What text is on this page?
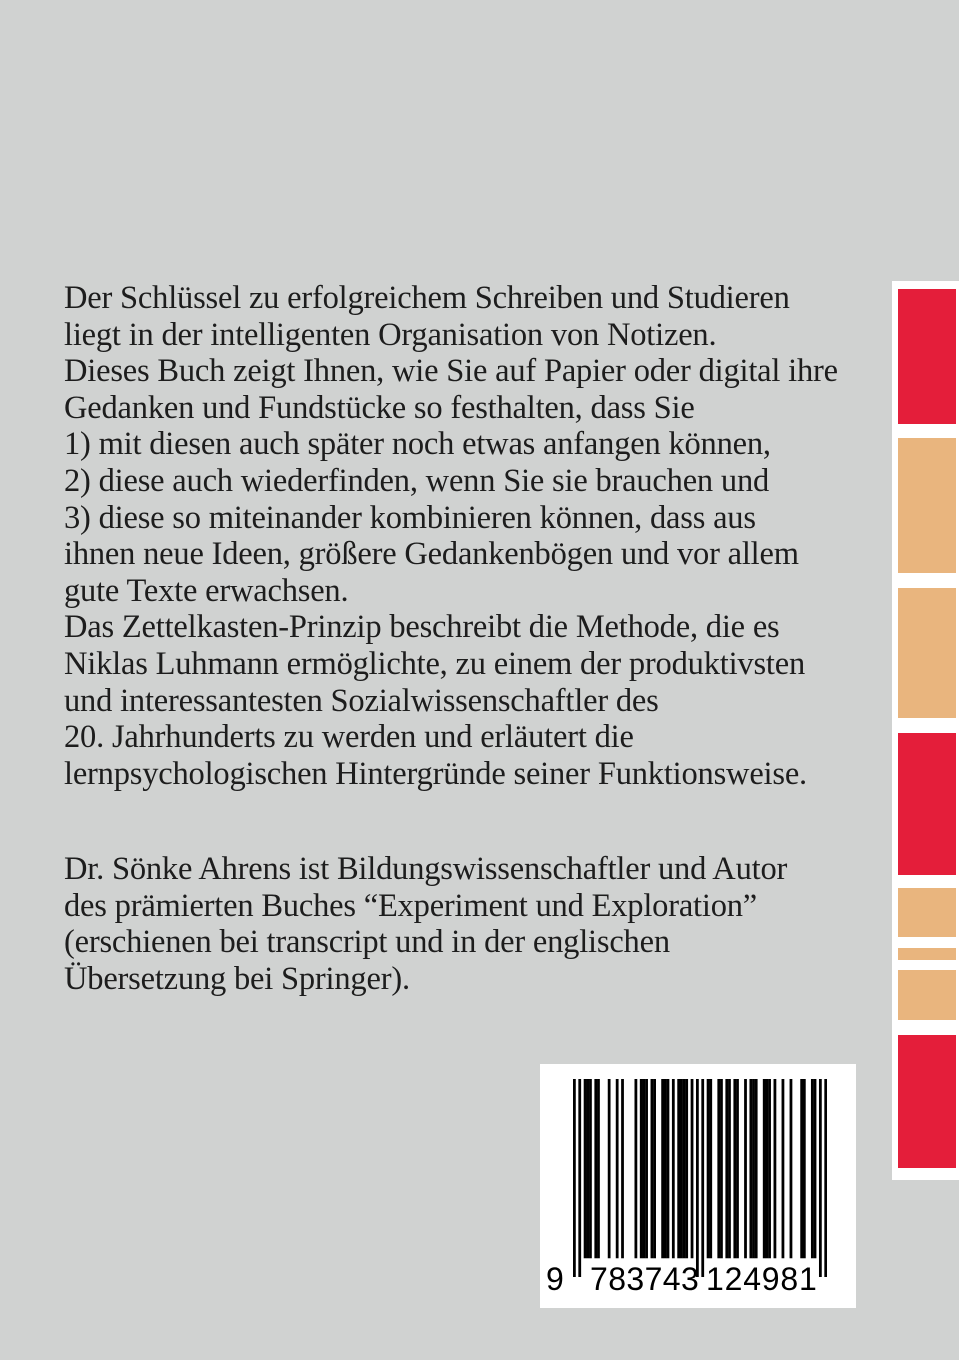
Der Schlüssel zu erfolgreichem Schreiben und Studieren
liegt in der intelligenten Organisation von Notizen.
Dieses Buch zeigt Ihnen, wie Sie auf Papier oder digital ihre
Gedanken und Fundstücke so festhalten, dass Sie
1) mit diesen auch später noch etwas anfangen können,
2) diese auch wiederfinden, wenn Sie sie brauchen und
3) diese so miteinander kombinieren können, dass aus
ihnen neue Ideen, größere Gedankenbögen und vor allem
gute Texte erwachsen.
Das Zettelkasten-Prinzip beschreibt die Methode, die es
Niklas Luhmann ermöglichte, zu einem der produktivsten
und interessantesten Sozialwissenschaftler des
20. Jahrhunderts zu werden und erläutert die
lernpsychologischen Hintergründe seiner Funktionsweise.
Dr. Sönke Ahrens ist Bildungswissenschaftler und Autor
des prämierten Buches “Experiment und Exploration”
(erschienen bei transcript und in der englischen
Übersetzung bei Springer).
9 783743 124981
